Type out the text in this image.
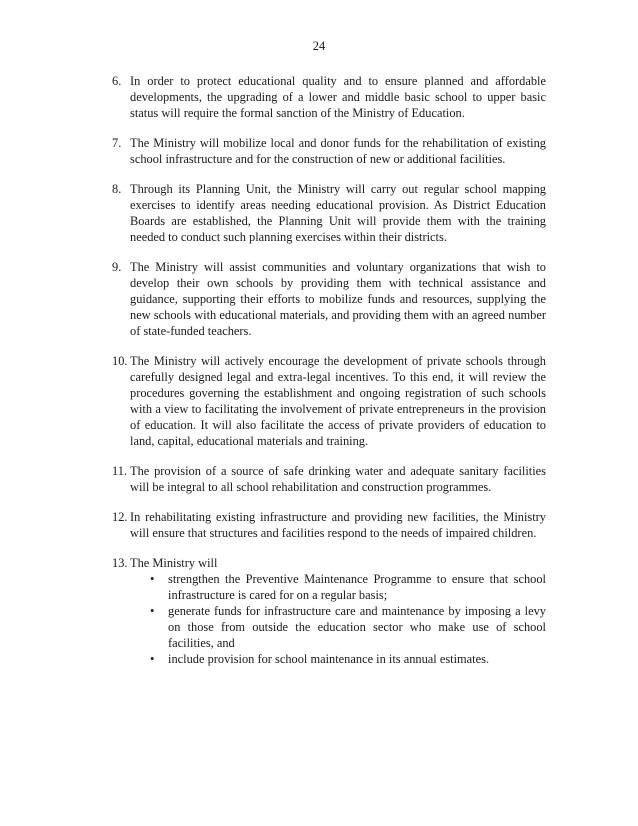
24
6. In order to protect educational quality and to ensure planned and affordable developments, the upgrading of a lower and middle basic school to upper basic status will require the formal sanction of the Ministry of Education.
7. The Ministry will mobilize local and donor funds for the rehabilitation of existing school infrastructure and for the construction of new or additional facilities.
8. Through its Planning Unit, the Ministry will carry out regular school mapping exercises to identify areas needing educational provision. As District Education Boards are established, the Planning Unit will provide them with the training needed to conduct such planning exercises within their districts.
9. The Ministry will assist communities and voluntary organizations that wish to develop their own schools by providing them with technical assistance and guidance, supporting their efforts to mobilize funds and resources, supplying the new schools with educational materials, and providing them with an agreed number of state-funded teachers.
10. The Ministry will actively encourage the development of private schools through carefully designed legal and extra-legal incentives. To this end, it will review the procedures governing the establishment and ongoing registration of such schools with a view to facilitating the involvement of private entrepreneurs in the provision of education. It will also facilitate the access of private providers of education to land, capital, educational materials and training.
11. The provision of a source of safe drinking water and adequate sanitary facilities will be integral to all school rehabilitation and construction programmes.
12. In rehabilitating existing infrastructure and providing new facilities, the Ministry will ensure that structures and facilities respond to the needs of impaired children.
13. The Ministry will
• strengthen the Preventive Maintenance Programme to ensure that school infrastructure is cared for on a regular basis;
• generate funds for infrastructure care and maintenance by imposing a levy on those from outside the education sector who make use of school facilities, and
• include provision for school maintenance in its annual estimates.
